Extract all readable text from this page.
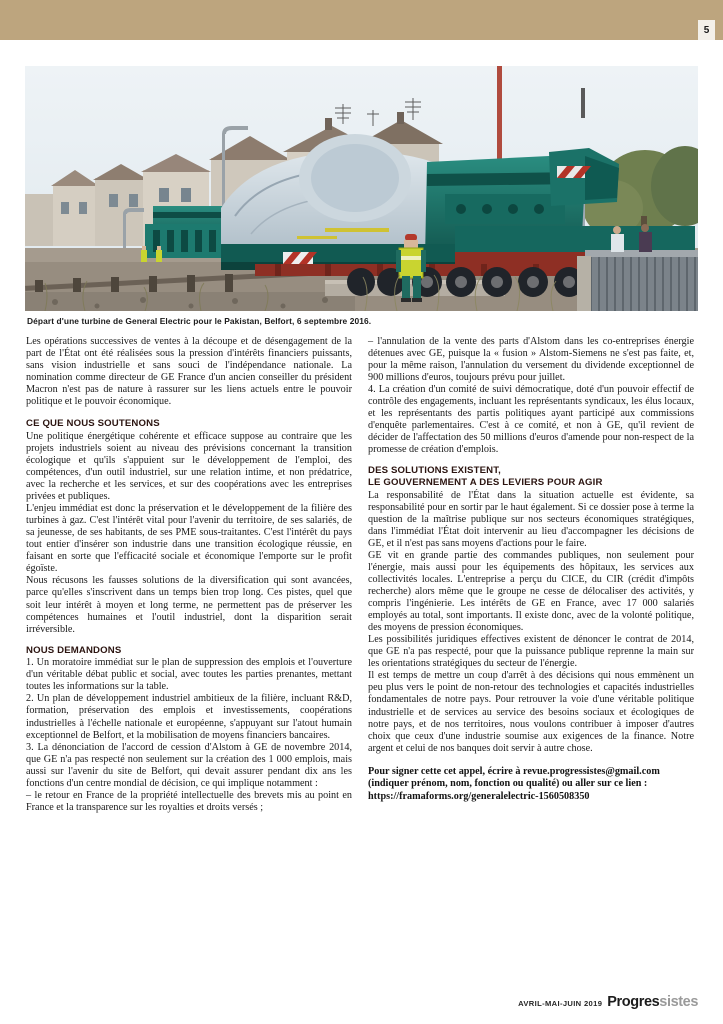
5
Départ d'une turbine de General Electric pour le Pakistan, Belfort, 6 septembre 2016.

Les opérations successives de ventes à la découpe et de désengagement de la part de l'État ont été réalisées sous la pression d'intérêts financiers puissants, sans vision industrielle et sans souci de l'indépendance nationale. La nomination comme directeur de GE France d'un ancien conseiller du président Macron n'est pas de nature à rassurer sur les liens actuels entre le pouvoir politique et le pouvoir économique.

CE QUE NOUS SOUTENONS

Une politique énergétique cohérente et efficace suppose au contraire que les projets industriels soient au niveau des prévisions concernant la transition écologique et qu'ils s'appuient sur le développement de l'emploi, des compétences, d'un outil industriel, sur une relation intime, et non prédatrice, avec la recherche et les services, et sur des coopérations avec les entreprises privées et publiques.

L'enjeu immédiat est donc la préservation et le développement de la filière des turbines à gaz. C'est l'intérêt vital pour l'avenir du territoire, de ses salariés, de sa jeunesse, de ses habitants, de ses PME sous-traitantes. C'est l'intérêt du pays tout entier d'insérer son industrie dans une transition écologique réussie, en faisant en sorte que l'efficacité sociale et économique l'emporte sur le profit égoïste.

Nous récusons les fausses solutions de la diversification qui sont avancées, parce qu'elles s'inscrivent dans un temps bien trop long. Ces pistes, quel que soit leur intérêt à moyen et long terme, ne permettent pas de préserver les compétences humaines et l'outil industriel, dont la disparition serait irréversible.

NOUS DEMANDONS

1. Un moratoire immédiat sur le plan de suppression des emplois et l'ouverture d'un véritable débat public et social, avec toutes les parties prenantes, mettant toutes les informations sur la table.

2. Un plan de développement industriel ambitieux de la filière, incluant R&D, formation, préservation des emplois et investissements, coopérations industrielles à l'échelle nationale et européenne, s'appuyant sur l'atout humain exceptionnel de Belfort, et la mobilisation de moyens financiers bancaires.

3. La dénonciation de l'accord de cession d'Alstom à GE de novembre 2014, que GE n'a pas respecté non seulement sur la création des 1 000 emplois, mais aussi sur l'avenir du site de Belfort, qui devait assurer pendant dix ans les fonctions d'un centre mondial de décision, ce qui implique notamment :

– le retour en France de la propriété intellectuelle des brevets mis au point en France et la transparence sur les royalties et droits versés ;

– l'annulation de la vente des parts d'Alstom dans les co-entreprises énergie détenues avec GE, puisque la « fusion » Alstom-Siemens ne s'est pas faite, et, pour la même raison, l'annulation du versement du dividende exceptionnel de 900 millions d'euros, toujours prévu pour juillet.

4. La création d'un comité de suivi démocratique, doté d'un pouvoir effectif de contrôle des engagements, incluant les représentants syndicaux, les élus locaux, et les représentants des partis politiques ayant participé aux commissions d'enquête parlementaires. C'est à ce comité, et non à GE, qu'il revient de décider de l'affectation des 50 millions d'euros d'amende pour non-respect de la promesse de création d'emplois.

DES SOLUTIONS EXISTENT,
LE GOUVERNEMENT A DES LEVIERS POUR AGIR

La responsabilité de l'État dans la situation actuelle est évidente, sa responsabilité pour en sortir par le haut également. Si ce dossier pose à terme la question de la maîtrise publique sur nos secteurs économiques stratégiques, dans l'immédiat l'État doit intervenir au lieu d'accompagner les décisions de GE, et il n'est pas sans moyens d'actions pour le faire.

GE vit en grande partie des commandes publiques, non seulement pour l'énergie, mais aussi pour les équipements des hôpitaux, les services aux collectivités locales. L'entreprise a perçu du CICE, du CIR (crédit d'impôts recherche) alors même que le groupe ne cesse de délocaliser des activités, y compris l'ingénierie. Les intérêts de GE en France, avec 17 000 salariés employés au total, sont importants. Il existe donc, avec de la volonté politique, des moyens de pression économiques.

Les possibilités juridiques effectives existent de dénoncer le contrat de 2014, que GE n'a pas respecté, pour que la puissance publique reprenne la main sur les orientations stratégiques du secteur de l'énergie.

Il est temps de mettre un coup d'arrêt à des décisions qui nous emmènent un peu plus vers le point de non-retour des technologies et capacités industrielles fondamentales de notre pays. Pour retrouver la voie d'une véritable politique industrielle et de services au service des besoins sociaux et écologiques de notre pays, et de nos territoires, nous voulons contribuer à imposer d'autres choix que ceux d'une industrie soumise aux exigences de la finance. Notre argent et celui de nos banques doit servir à autre chose.

Pour signer cette cet appel, écrire à revue.progressistes@gmail.com
(indiquer prénom, nom, fonction ou qualité) ou aller sur ce lien :
https://framaforms.org/generalelectric-1560508350
AVRIL-MAI-JUIN 2019 Progressistes
